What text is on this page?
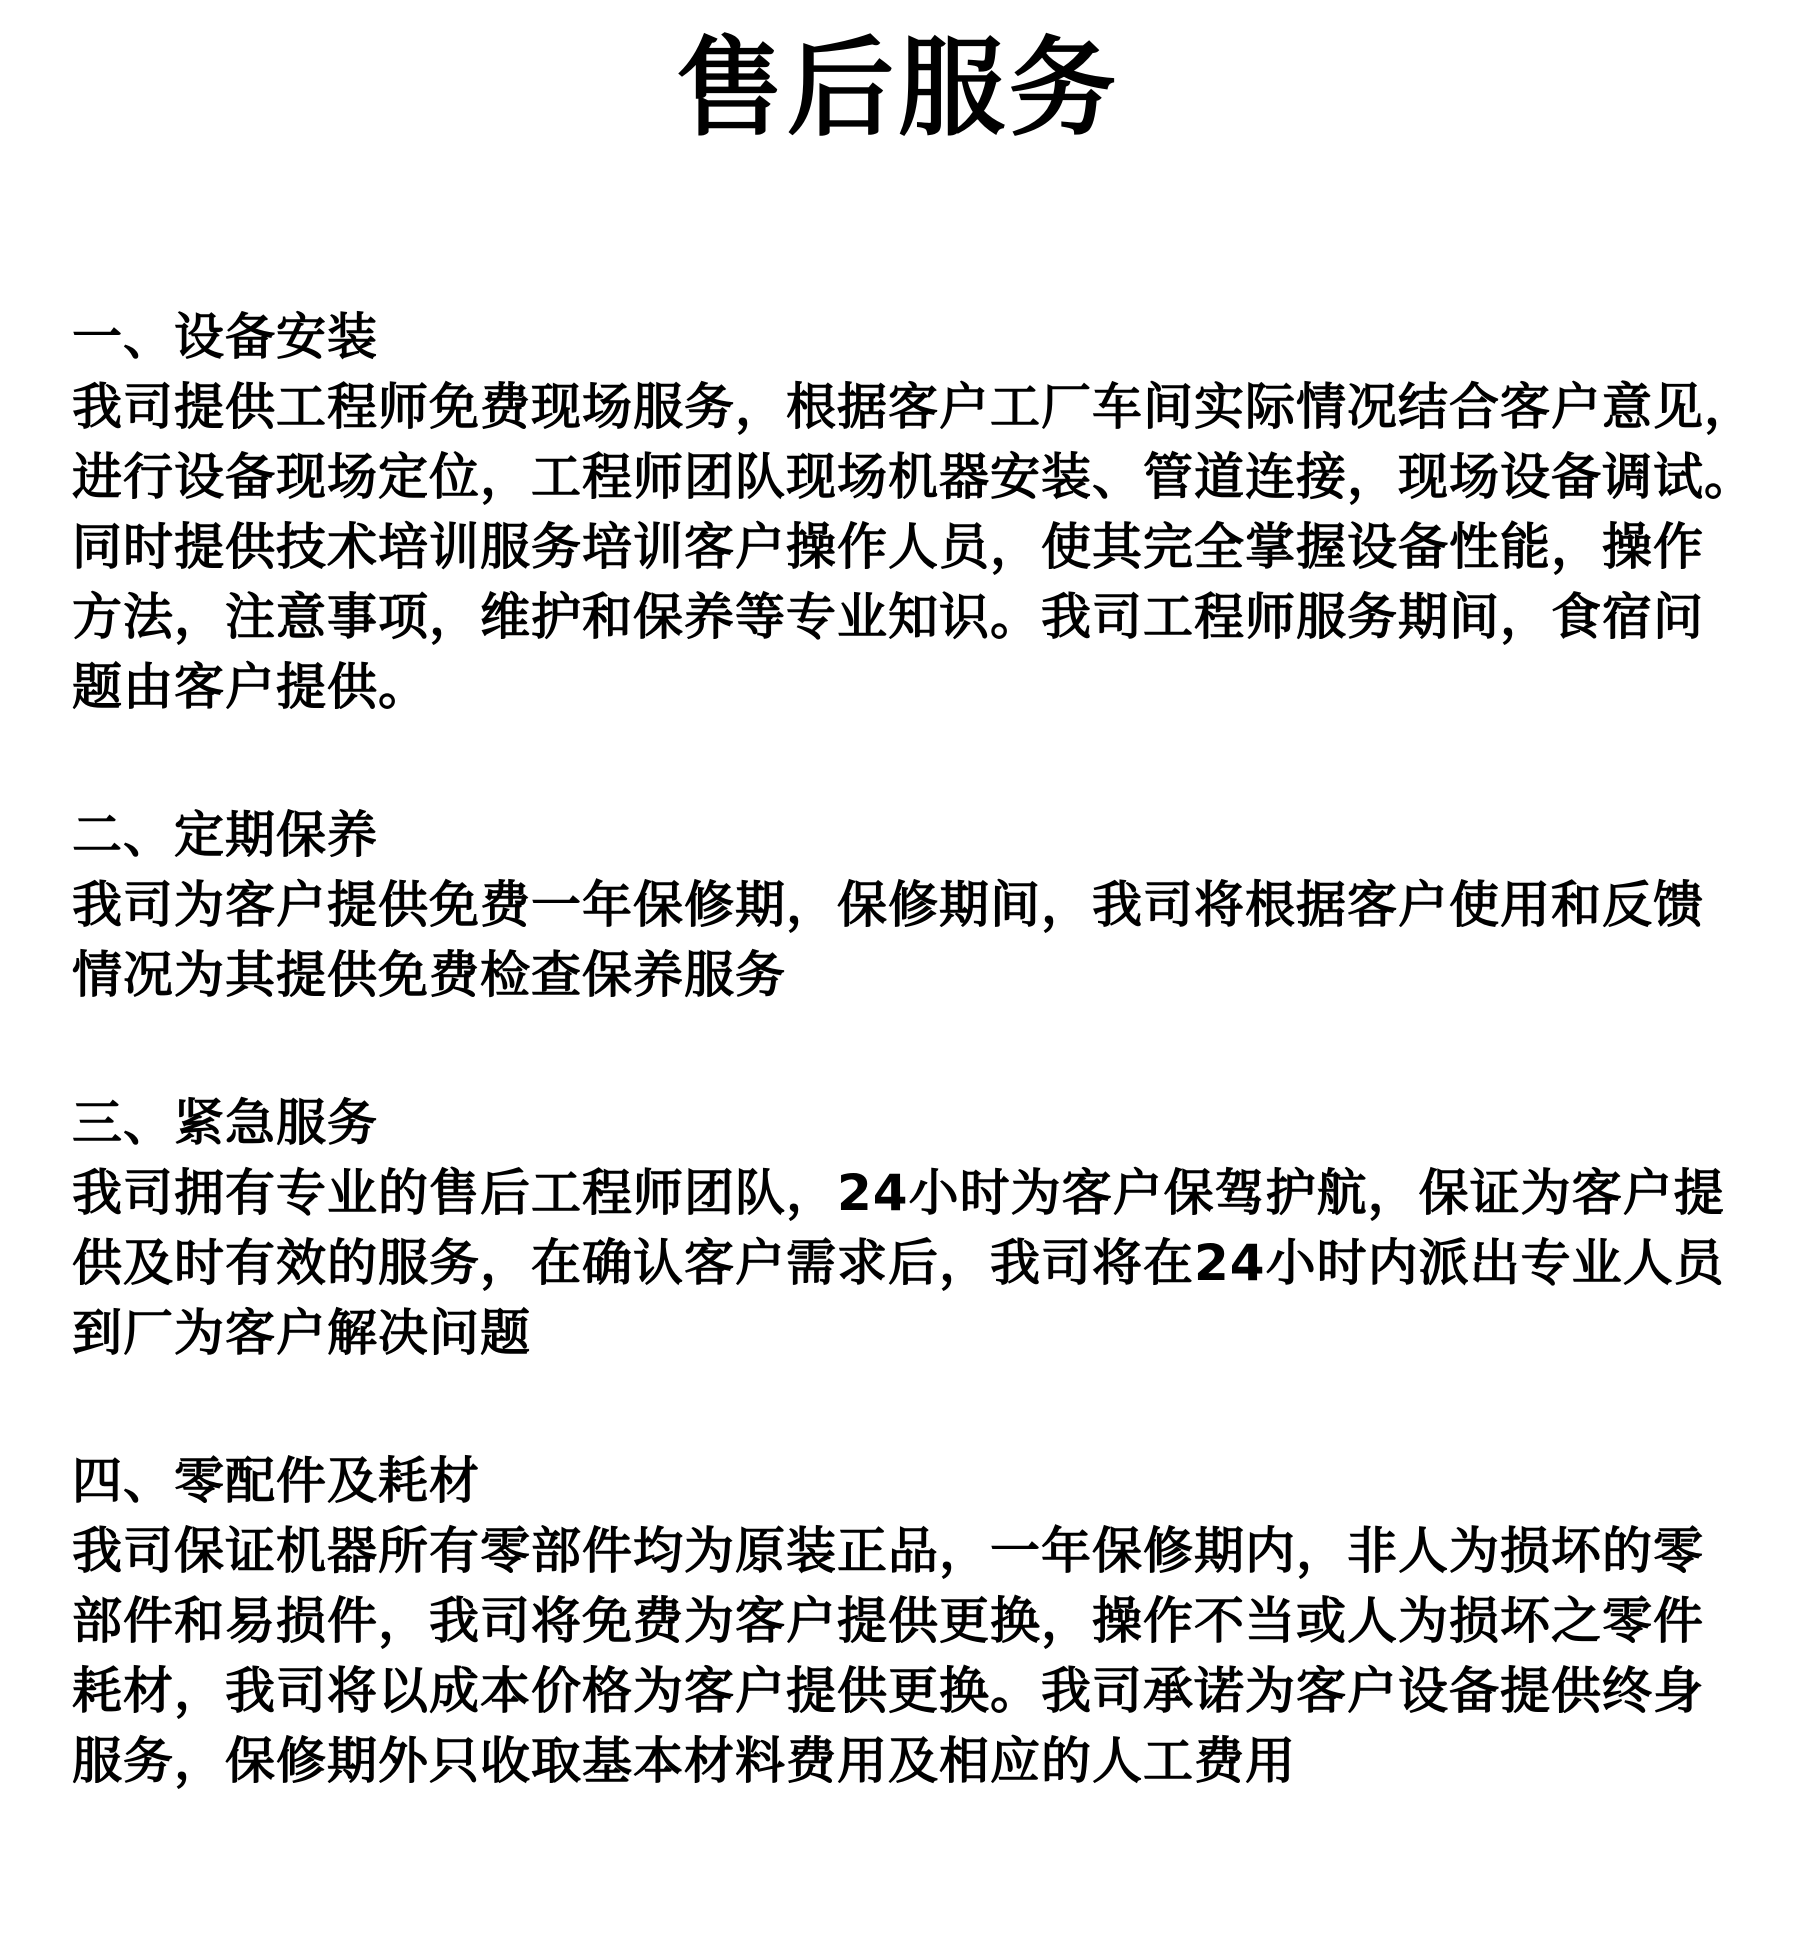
售后服务
一、设备安装
我司提供工程师免费现场服务，根据客户工厂车间实际情况结合客户意见，
进行设备现场定位，工程师团队现场机器安装、管道连接，现场设备调试。
同时提供技术培训服务培训客户操作人员，使其完全掌握设备性能，操作
方法，注意事项，维护和保养等专业知识。我司工程师服务期间，食宿问
题由客户提供。
二、定期保养
我司为客户提供免费一年保修期，保修期间，我司将根据客户使用和反馈
情况为其提供免费检查保养服务
三、紧急服务
我司拥有专业的售后工程师团队，24小时为客户保驾护航，保证为客户提
供及时有效的服务，在确认客户需求后，我司将在24小时内派出专业人员
到厂为客户解决问题
四、零配件及耗材
我司保证机器所有零部件均为原装正品，一年保修期内，非人为损坏的零
部件和易损件，我司将免费为客户提供更换，操作不当或人为损坏之零件
耗材，我司将以成本价格为客户提供更换。我司承诺为客户设备提供终身
服务，保修期外只收取基本材料费用及相应的人工费用
